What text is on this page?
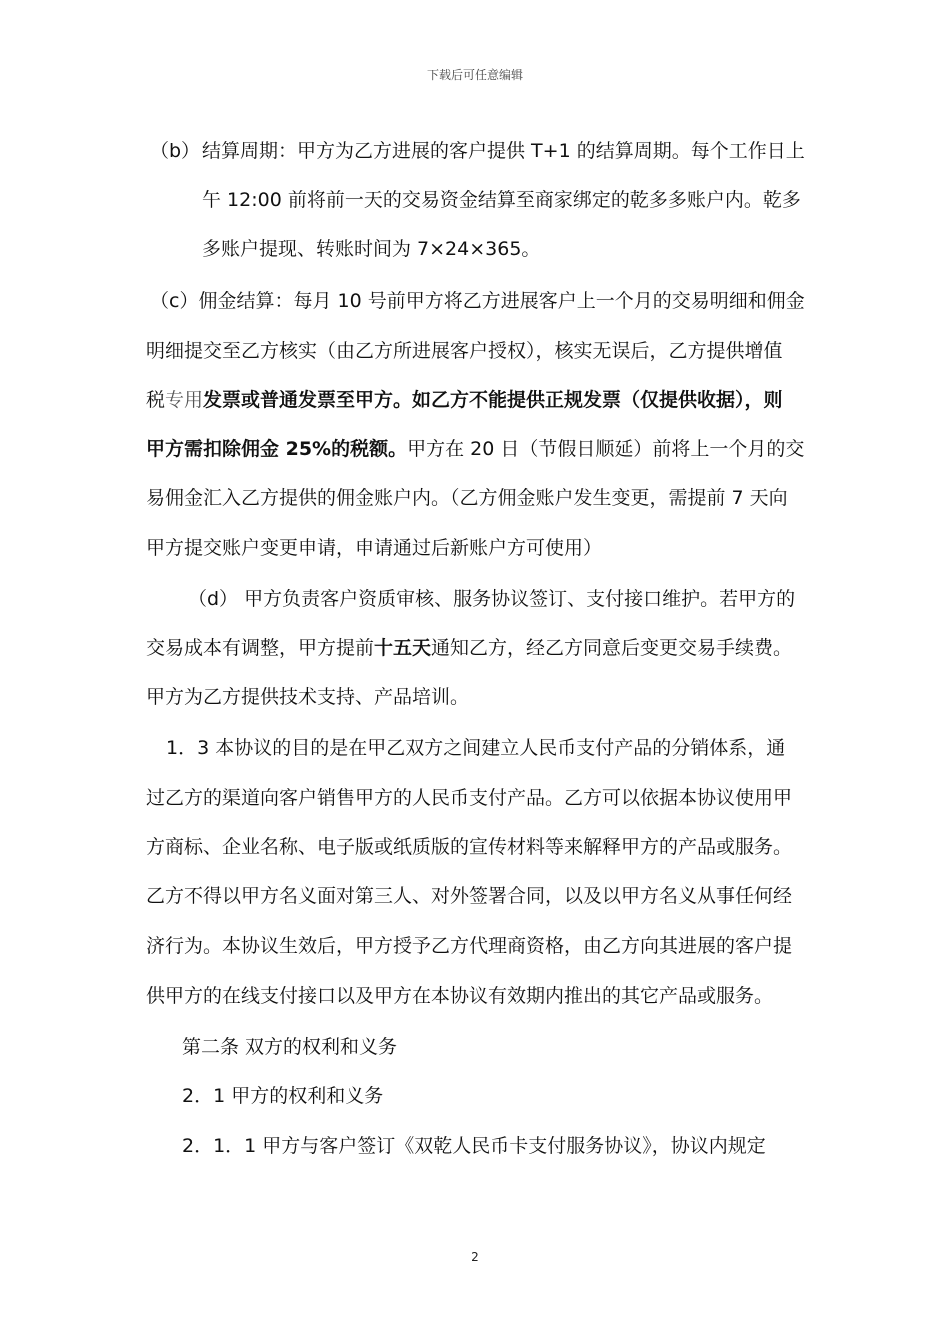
下载后可任意编辑
（b） 结算周期：甲方为乙方进展的客户提供 T+1 的结算周期。每个工作日上
午 12:00 前将前一天的交易资金结算至商家绑定的乾多多账户内。乾多
多账户提现、转账时间为 7×24×365。
（c）佣金结算：每月 10 号前甲方将乙方进展客户上一个月的交易明细和佣金
明细提交至乙方核实（由乙方所进展客户授权），核实无误后，乙方提供增值
税专用发票或普通发票至甲方。如乙方不能提供正规发票（仅提供收据），则
甲方需扣除佣金 25%的税额。甲方在 20 日（节假日顺延）前将上一个月的交
易佣金汇入乙方提供的佣金账户内。（乙方佣金账户发生变更，需提前 7 天向
甲方提交账户变更申请，申请通过后新账户方可使用）
（d） 甲方负责客户资质审核、服务协议签订、支付接口维护。若甲方的
交易成本有调整，甲方提前十五天通知乙方，经乙方同意后变更交易手续费。
甲方为乙方提供技术支持、产品培训。
1．3 本协议的目的是在甲乙双方之间建立人民币支付产品的分销体系，通
过乙方的渠道向客户销售甲方的人民币支付产品。乙方可以依据本协议使用甲
方商标、企业名称、电子版或纸质版的宣传材料等来解释甲方的产品或服务。
乙方不得以甲方名义面对第三人、对外签署合同，以及以甲方名义从事任何经
济行为。本协议生效后，甲方授予乙方代理商资格，由乙方向其进展的客户提
供甲方的在线支付接口以及甲方在本协议有效期内推出的其它产品或服务。
第二条 双方的权利和义务
2．1 甲方的权利和义务
2．1．1 甲方与客户签订《双乾人民币卡支付服务协议》，协议内规定
2
